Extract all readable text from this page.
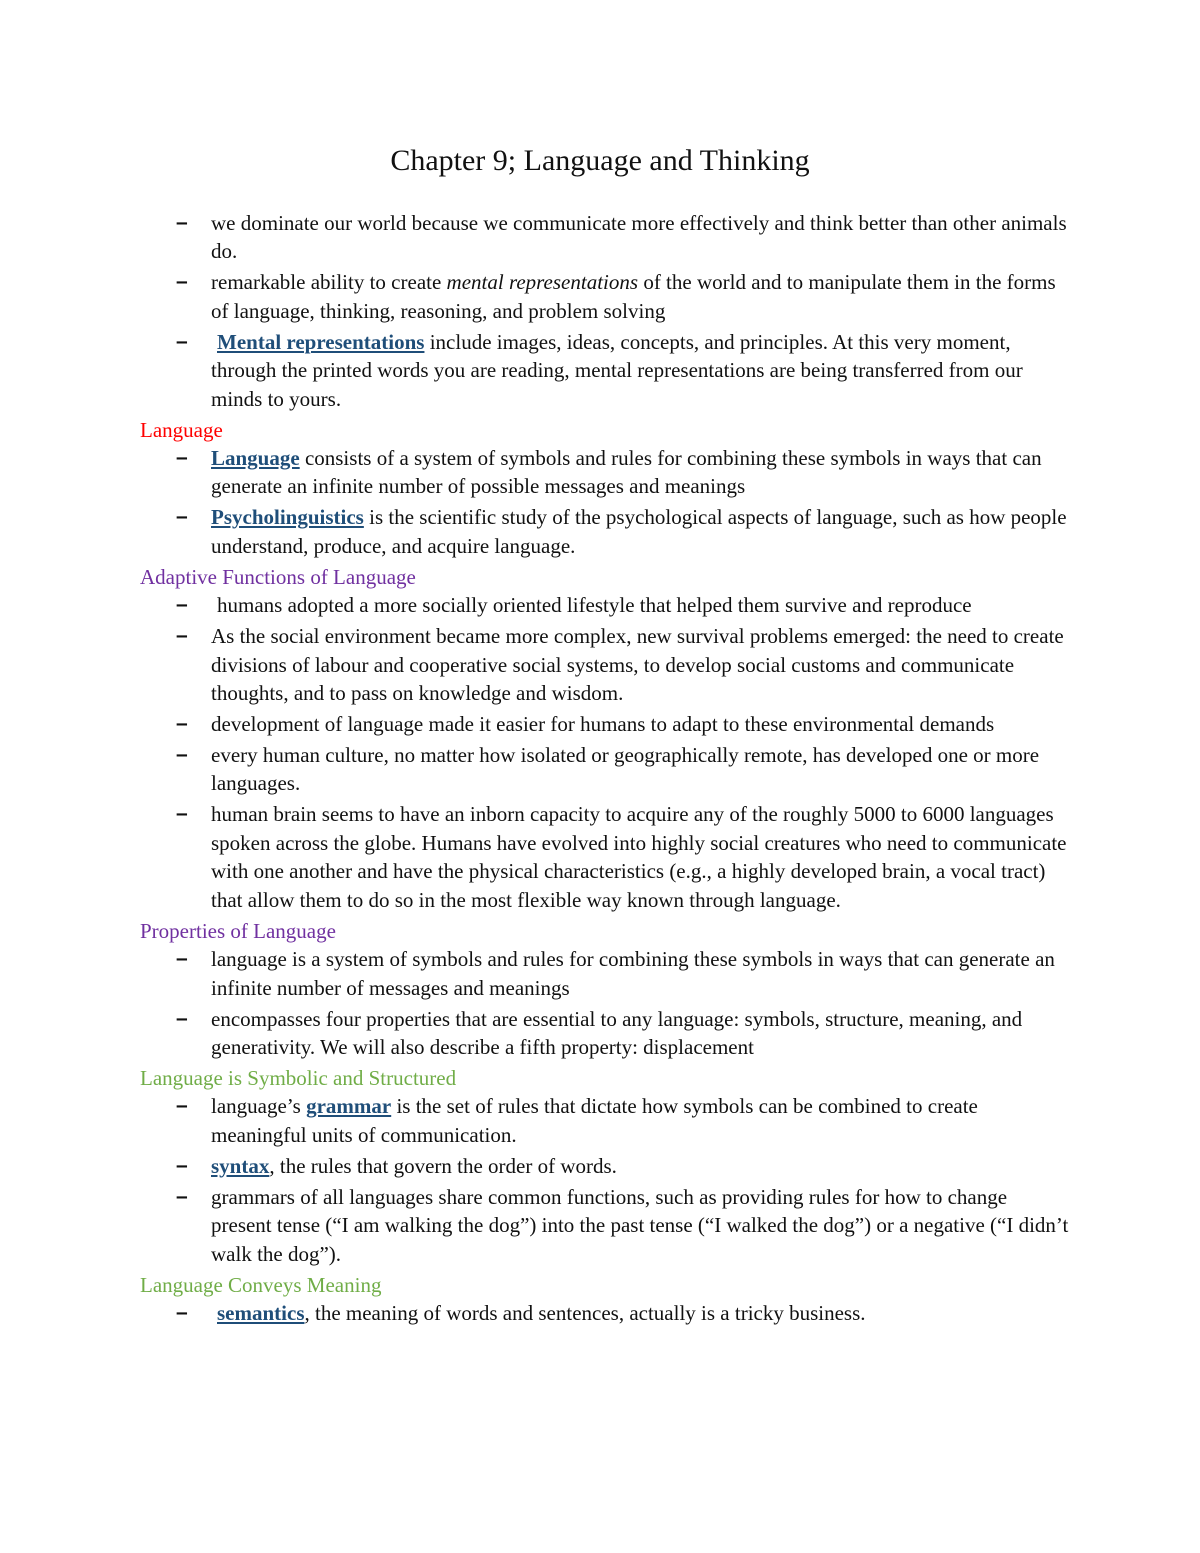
Chapter 9; Language and Thinking
– we dominate our world because we communicate more effectively and think better than other animals do.
– remarkable ability to create mental representations of the world and to manipulate them in the forms of language, thinking, reasoning, and problem solving
– Mental representations include images, ideas, concepts, and principles. At this very moment, through the printed words you are reading, mental representations are being transferred from our minds to yours.

Language

– Language consists of a system of symbols and rules for combining these symbols in ways that can generate an infinite number of possible messages and meanings
– Psycholinguistics is the scientific study of the psychological aspects of language, such as how people understand, produce, and acquire language.

Adaptive Functions of Language

– humans adopted a more socially oriented lifestyle that helped them survive and reproduce
– As the social environment became more complex, new survival problems emerged: the need to create divisions of labour and cooperative social systems, to develop social customs and communicate thoughts, and to pass on knowledge and wisdom.
– development of language made it easier for humans to adapt to these environmental demands
– every human culture, no matter how isolated or geographically remote, has developed one or more languages.
– human brain seems to have an inborn capacity to acquire any of the roughly 5000 to 6000 languages spoken across the globe. Humans have evolved into highly social creatures who need to communicate with one another and have the physical characteristics (e.g., a highly developed brain, a vocal tract) that allow them to do so in the most flexible way known through language.

Properties of Language

– language is a system of symbols and rules for combining these symbols in ways that can generate an infinite number of messages and meanings
– encompasses four properties that are essential to any language: symbols, structure, meaning, and generativity. We will also describe a fifth property: displacement

Language is Symbolic and Structured

– language’s grammar is the set of rules that dictate how symbols can be combined to create meaningful units of communication.
– syntax, the rules that govern the order of words.
– grammars of all languages share common functions, such as providing rules for how to change present tense (“I am walking the dog”) into the past tense (“I walked the dog”) or a negative (“I didn’t walk the dog”).

Language Conveys Meaning

– semantics, the meaning of words and sentences, actually is a tricky business.
